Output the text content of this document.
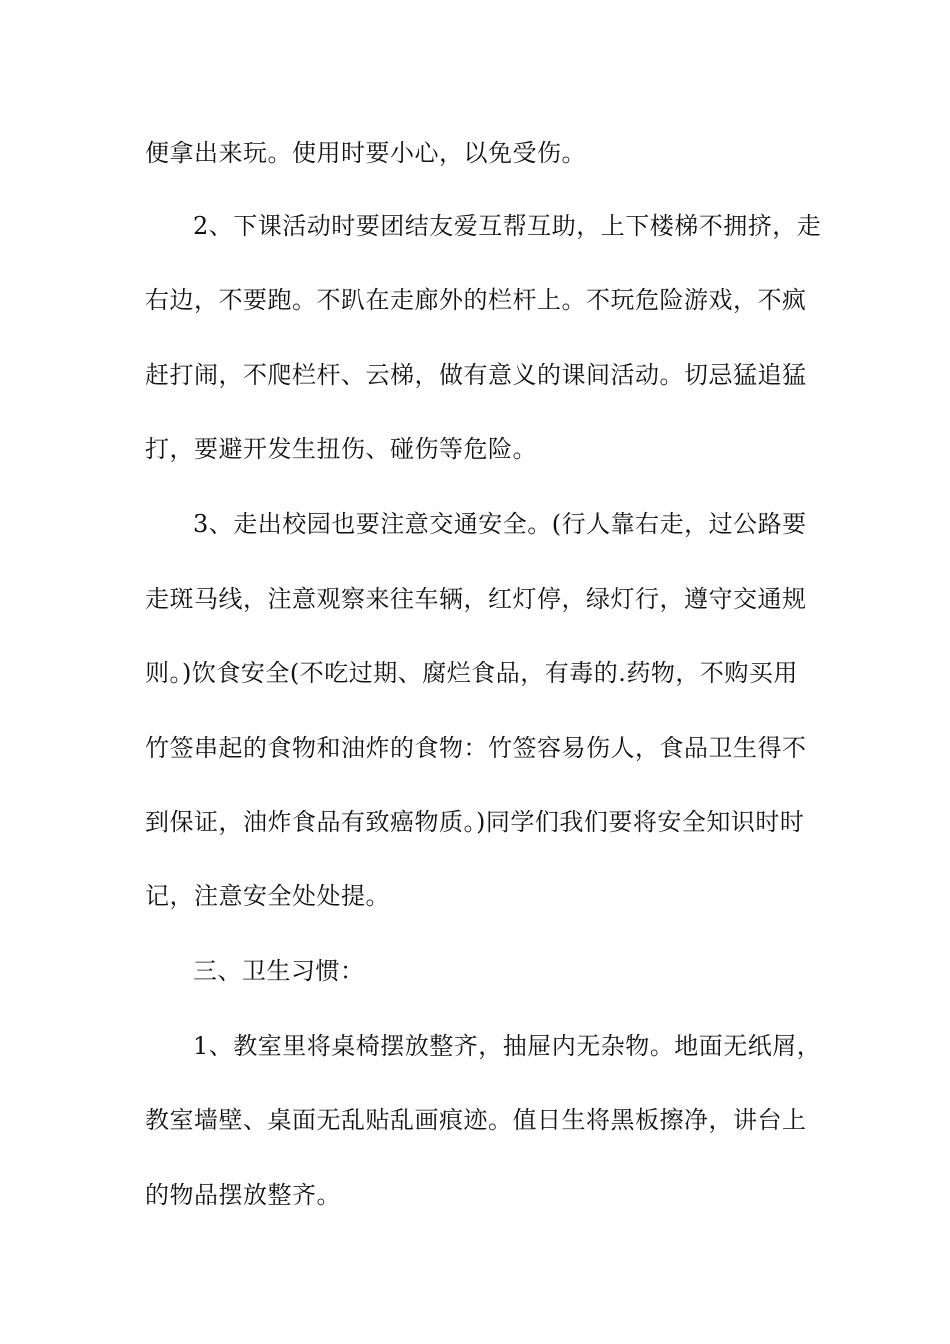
便拿出来玩。使用时要小心，以免受伤。
2、下课活动时要团结友爱互帮互助，上下楼梯不拥挤，走
右边，不要跑。不趴在走廊外的栏杆上。不玩危险游戏，不疯
赶打闹，不爬栏杆、云梯，做有意义的课间活动。切忌猛追猛
打，要避开发生扭伤、碰伤等危险。
3、走出校园也要注意交通安全。(行人靠右走，过公路要
走斑马线，注意观察来往车辆，红灯停，绿灯行，遵守交通规
则。)饮食安全(不吃过期、腐烂食品，有毒的.药物，不购买用
竹签串起的食物和油炸的食物：竹签容易伤人，食品卫生得不
到保证，油炸食品有致癌物质。)同学们我们要将安全知识时时
记，注意安全处处提。
三、卫生习惯：
1、教室里将桌椅摆放整齐，抽屉内无杂物。地面无纸屑，
教室墙壁、桌面无乱贴乱画痕迹。值日生将黑板擦净，讲台上
的物品摆放整齐。
